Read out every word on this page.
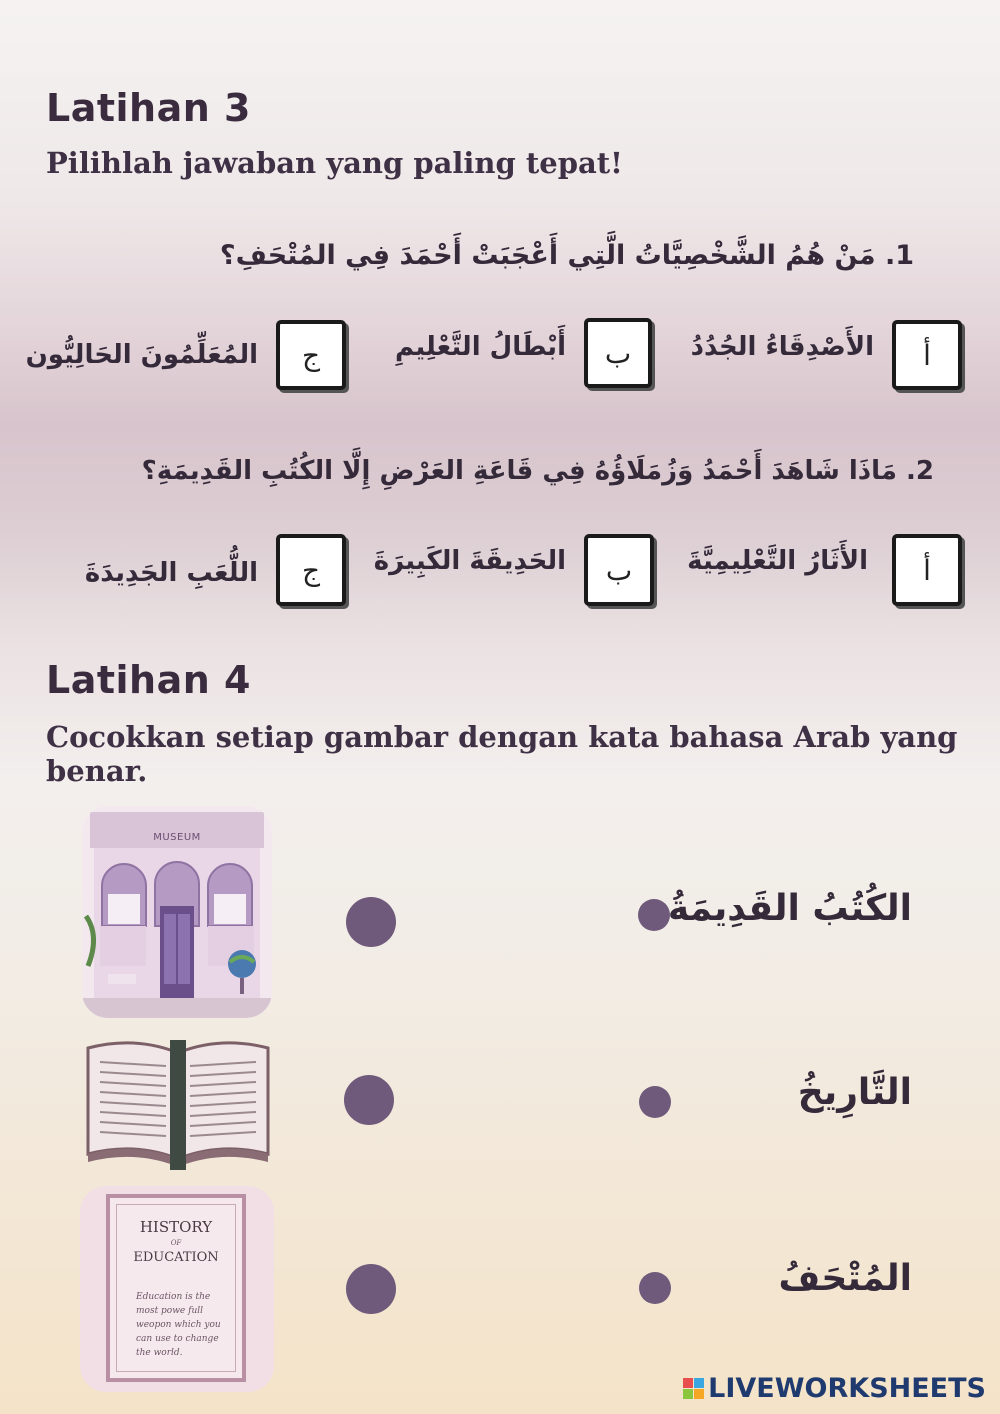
Latihan 3
Pilihlah jawaban yang paling tepat!
1. مَنْ هُمُ الشَّخْصِيَّاتُ الَّتِي أَعْجَبَتْ أَحْمَدَ فِي المُتْحَفِ؟
أ
الأَصْدِقَاءُ الجُدُدُ
ب
أَبْطَالُ التَّعْلِيمِ
ج
المُعَلِّمُونَ الحَالِيُّون
2. مَاذَا شَاهَدَ أَحْمَدُ وَزُمَلَاؤُهُ فِي قَاعَةِ العَرْضِ إِلَّا الكُتُبِ القَدِيمَةِ؟
أ
الأَثَارُ التَّعْلِيمِيَّةَ
ب
الحَدِيقَةَ الكَبِيرَةَ
ج
اللُّعَبِ الجَدِيدَةَ
Latihan 4
Cocokkan setiap gambar dengan kata bahasa Arab yang benar.
MUSEUM
HISTORY
OF
EDUCATION
Education is the most powe full weopon which you can use to change the world.
الكُتُبُ القَدِيمَةُ
التَّارِيخُ
المُتْحَفُ
LIVEWORKSHEETS
